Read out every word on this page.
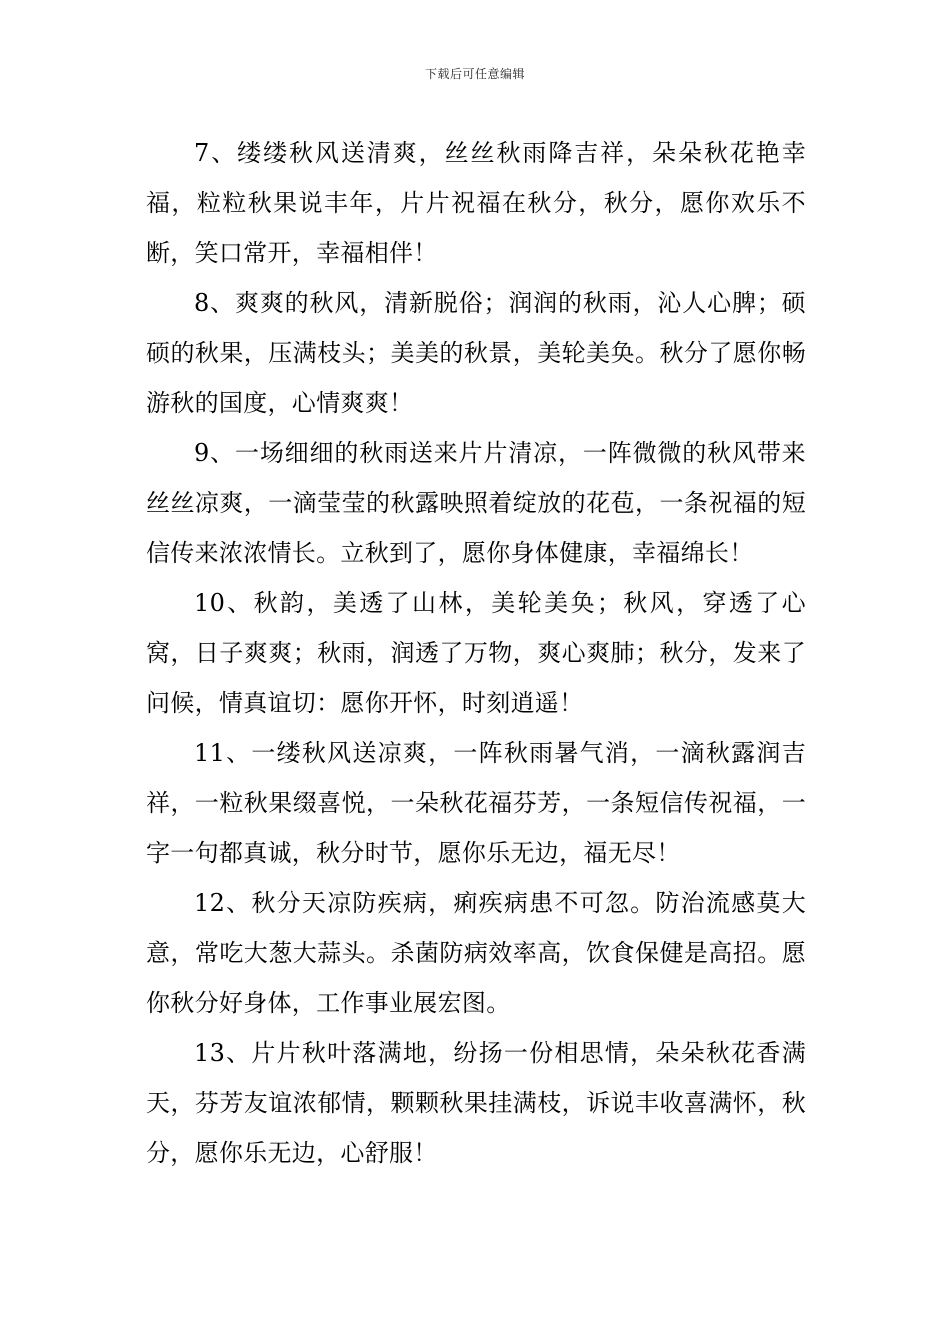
下载后可任意编辑

7、缕缕秋风送清爽，丝丝秋雨降吉祥，朵朵秋花艳幸福，粒粒秋果说丰年，片片祝福在秋分，秋分，愿你欢乐不断，笑口常开，幸福相伴！

8、爽爽的秋风，清新脱俗；润润的秋雨，沁人心脾；硕硕的秋果，压满枝头；美美的秋景，美轮美奂。秋分了愿你畅游秋的国度，心情爽爽！

9、一场细细的秋雨送来片片清凉，一阵微微的秋风带来丝丝凉爽，一滴莹莹的秋露映照着绽放的花苞，一条祝福的短信传来浓浓情长。立秋到了，愿你身体健康，幸福绵长！

10、秋韵，美透了山林，美轮美奂；秋风，穿透了心窝，日子爽爽；秋雨，润透了万物，爽心爽肺；秋分，发来了问候，情真谊切：愿你开怀，时刻逍遥！

11、一缕秋风送凉爽，一阵秋雨暑气消，一滴秋露润吉祥，一粒秋果缀喜悦，一朵秋花福芬芳，一条短信传祝福，一字一句都真诚，秋分时节，愿你乐无边，福无尽！

12、秋分天凉防疾病，痢疾病患不可忽。防治流感莫大意，常吃大葱大蒜头。杀菌防病效率高，饮食保健是高招。愿你秋分好身体，工作事业展宏图。

13、片片秋叶落满地，纷扬一份相思情，朵朵秋花香满天，芬芳友谊浓郁情，颗颗秋果挂满枝，诉说丰收喜满怀，秋分，愿你乐无边，心舒服！
